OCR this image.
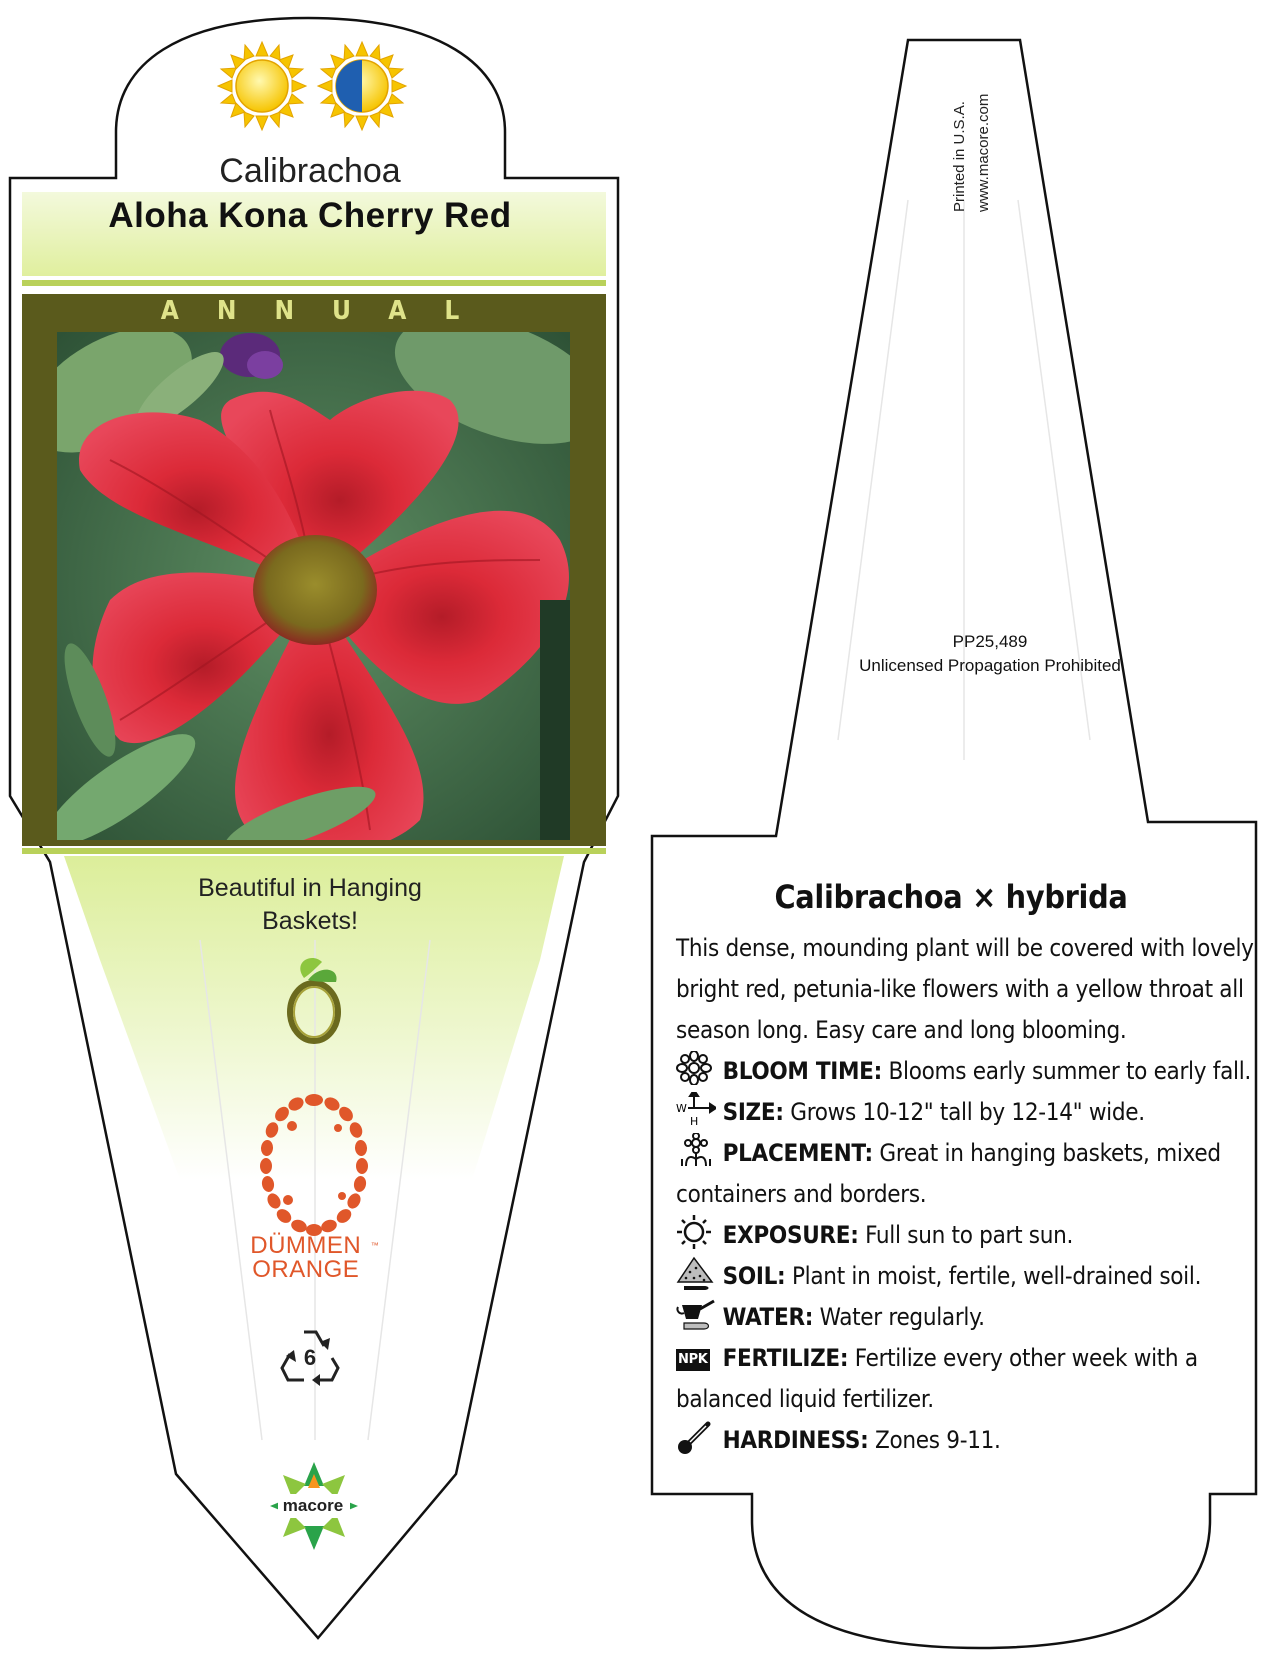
Calibrachoa

Aloha Kona Cherry Red

ANNUAL

Beautiful in Hanging Baskets!

DÜMMEN ORANGE™

6

macore

Printed in U.S.A. www.macore.com
PP25,489
Unlicensed Propagation Prohibited

Calibrachoa × hybrida

This dense, mounding plant will be covered with lovely bright red, petunia-like flowers with a yellow throat all season long. Easy care and long blooming.

BLOOM TIME: Blooms early summer to early fall.
W
H SIZE: Grows 10-12" tall by 12-14" wide.
PLACEMENT: Great in hanging baskets, mixed containers and borders.
EXPOSURE: Full sun to part sun.
SOIL: Plant in moist, fertile, well-drained soil.
WATER: Water regularly.
NPK FERTILIZE: Fertilize every other week with a balanced liquid fertilizer.
HARDINESS: Zones 9-11.
